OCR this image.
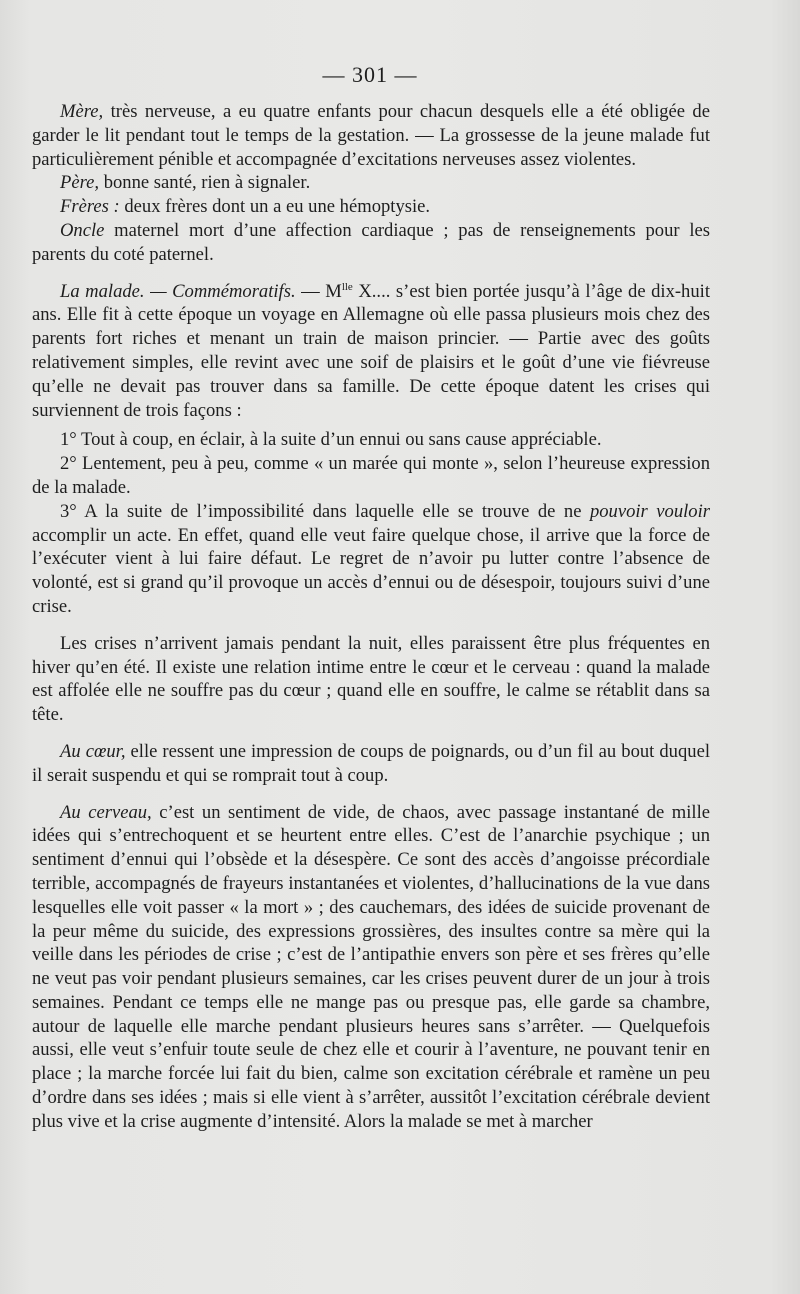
— 301 —

Mère, très nerveuse, a eu quatre enfants pour chacun desquels elle a été obligée de garder le lit pendant tout le temps de la gestation. — La grossesse de la jeune malade fut particulièrement pénible et accompagnée d’excitations nerveuses assez violentes.

Père, bonne santé, rien à signaler.

Frères : deux frères dont un a eu une hémoptysie.

Oncle maternel mort d’une affection cardiaque ; pas de renseignements pour les parents du coté paternel.

La malade. — Commémoratifs. — $M^{lle}$ X.... s’est bien portée jusqu’à l’âge de dix-huit ans. Elle fit à cette époque un voyage en Allemagne où elle passa plusieurs mois chez des parents fort riches et menant un train de maison princier. — Partie avec des goûts relativement simples, elle revint avec une soif de plaisirs et le goût d’une vie fiévreuse qu’elle ne devait pas trouver dans sa famille. De cette époque datent les crises qui surviennent de trois façons :

1° Tout à coup, en éclair, à la suite d’un ennui ou sans cause appréciable.

2° Lentement, peu à peu, comme « un marée qui monte », selon l’heureuse expression de la malade.

3° A la suite de l’impossibilité dans laquelle elle se trouve de ne pouvoir vouloir accomplir un acte. En effet, quand elle veut faire quelque chose, il arrive que la force de l’exécuter vient à lui faire défaut. Le regret de n’avoir pu lutter contre l’absence de volonté, est si grand qu’il provoque un accès d’ennui ou de désespoir, toujours suivi d’une crise.

Les crises n’arrivent jamais pendant la nuit, elles paraissent être plus fréquentes en hiver qu’en été. Il existe une relation intime entre le cœur et le cerveau : quand la malade est affolée elle ne souffre pas du cœur ; quand elle en souffre, le calme se rétablit dans sa tête.

Au cœur, elle ressent une impression de coups de poignards, ou d’un fil au bout duquel il serait suspendu et qui se romprait tout à coup.

Au cerveau, c’est un sentiment de vide, de chaos, avec passage instantané de mille idées qui s’entrechoquent et se heurtent entre elles. C’est de l’anarchie psychique ; un sentiment d’ennui qui l’obsède et la désespère. Ce sont des accès d’angoisse précordiale terrible, accompagnés de frayeurs instantanées et violentes, d’hallucinations de la vue dans lesquelles elle voit passer « la mort » ; des cauchemars, des idées de suicide provenant de la peur même du suicide, des expressions grossières, des insultes contre sa mère qui la veille dans les périodes de crise ; c’est de l’antipathie envers son père et ses frères qu’elle ne veut pas voir pendant plusieurs semaines, car les crises peuvent durer de un jour à trois semaines. Pendant ce temps elle ne mange pas ou presque pas, elle garde sa chambre, autour de laquelle elle marche pendant plusieurs heures sans s’arrêter. — Quelquefois aussi, elle veut s’enfuir toute seule de chez elle et courir à l’aventure, ne pouvant tenir en place ; la marche forcée lui fait du bien, calme son excitation cérébrale et ramène un peu d’ordre dans ses idées ; mais si elle vient à s’arrêter, aussitôt l’excitation cérébrale devient plus vive et la crise augmente d’intensité. Alors la malade se met à marcher
